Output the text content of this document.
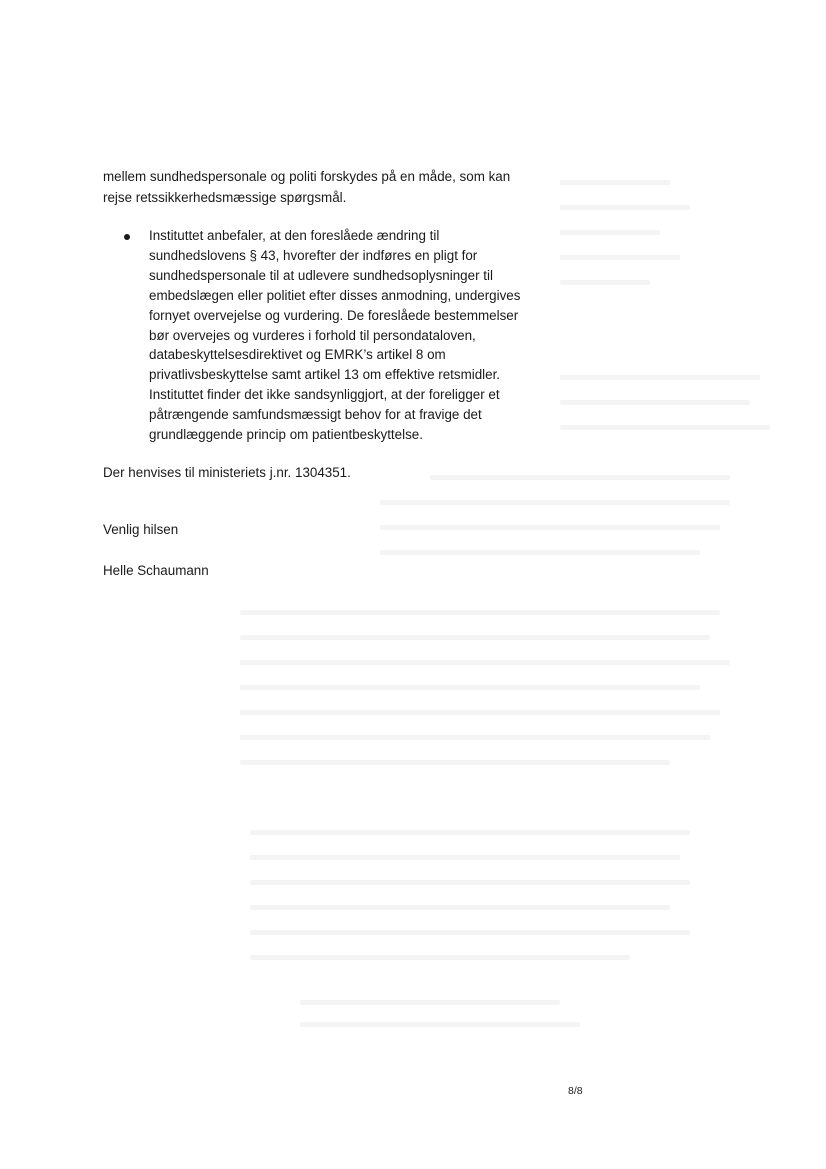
mellem sundhedspersonale og politi forskydes på en måde, som kan
rejse retssikkerhedsmæssige spørgsmål.
Instituttet anbefaler, at den foreslåede ændring til
sundhedslovens § 43, hvorefter der indføres en pligt for
sundhedspersonale til at udlevere sundhedsoplysninger til
embedslægen eller politiet efter disses anmodning, undergives
fornyet overvejelse og vurdering. De foreslåede bestemmelser
bør overvejes og vurderes i forhold til persondataloven,
databeskyttelsesdirektivet og EMRK’s artikel 8 om
privatlivsbeskyttelse samt artikel 13 om effektive retsmidler.
Instituttet finder det ikke sandsynliggjort, at der foreligger et
påtrængende samfundsmæssigt behov for at fravige det
grundlæggende princip om patientbeskyttelse.
Der henvises til ministeriets j.nr. 1304351.
Venlig hilsen
Helle Schaumann
8/8
